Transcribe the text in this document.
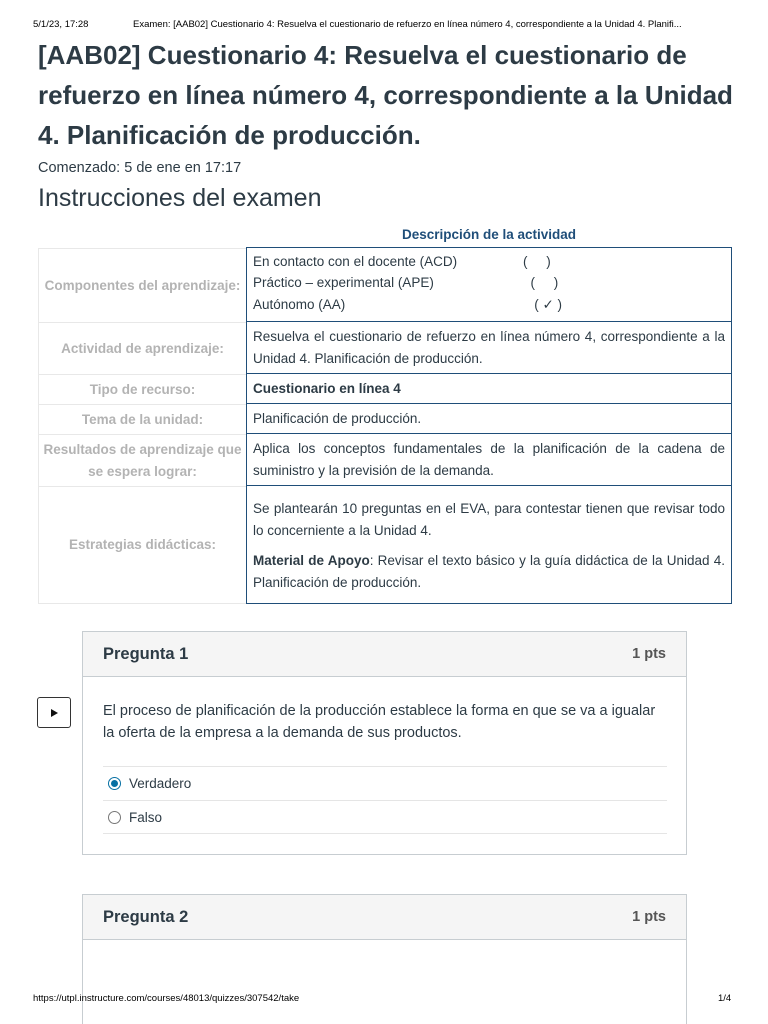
5/1/23, 17:28	Examen: [AAB02] Cuestionario 4: Resuelva el cuestionario de refuerzo en línea número 4, correspondiente a la Unidad 4. Planifi...
[AAB02] Cuestionario 4: Resuelva el cuestionario de refuerzo en línea número 4, correspondiente a la Unidad 4. Planificación de producción.
Comenzado: 5 de ene en 17:17
Instrucciones del examen
Descripción de la actividad
Componentes del aprendizaje:
En contacto con el docente (ACD)	(     )
Práctico – experimental (APE)	(     )
Autónomo (AA)	( ✓ )
Actividad de aprendizaje:
Resuelva el cuestionario de refuerzo en línea número 4, correspondiente a la Unidad 4. Planificación de producción.
Tipo de recurso:	Cuestionario en línea 4
Tema de la unidad:	Planificación de producción.
Resultados de aprendizaje que se espera lograr:
Aplica los conceptos fundamentales de la planificación de la cadena de suministro y la previsión de la demanda.
Estrategias didácticas:

Se plantearán 10 preguntas en el EVA, para contestar tienen que revisar todo lo concerniente a la Unidad 4.

Material de Apoyo: Revisar el texto básico y la guía didáctica de la Unidad 4. Planificación de producción.

Pregunta 1	1 pts
El proceso de planificación de la producción establece la forma en que se va a igualar la oferta de la empresa a la demanda de sus productos.
Verdadero
Falso
Pregunta 2	1 pts
https://utpl.instructure.com/courses/48013/quizzes/307542/take	1/4
